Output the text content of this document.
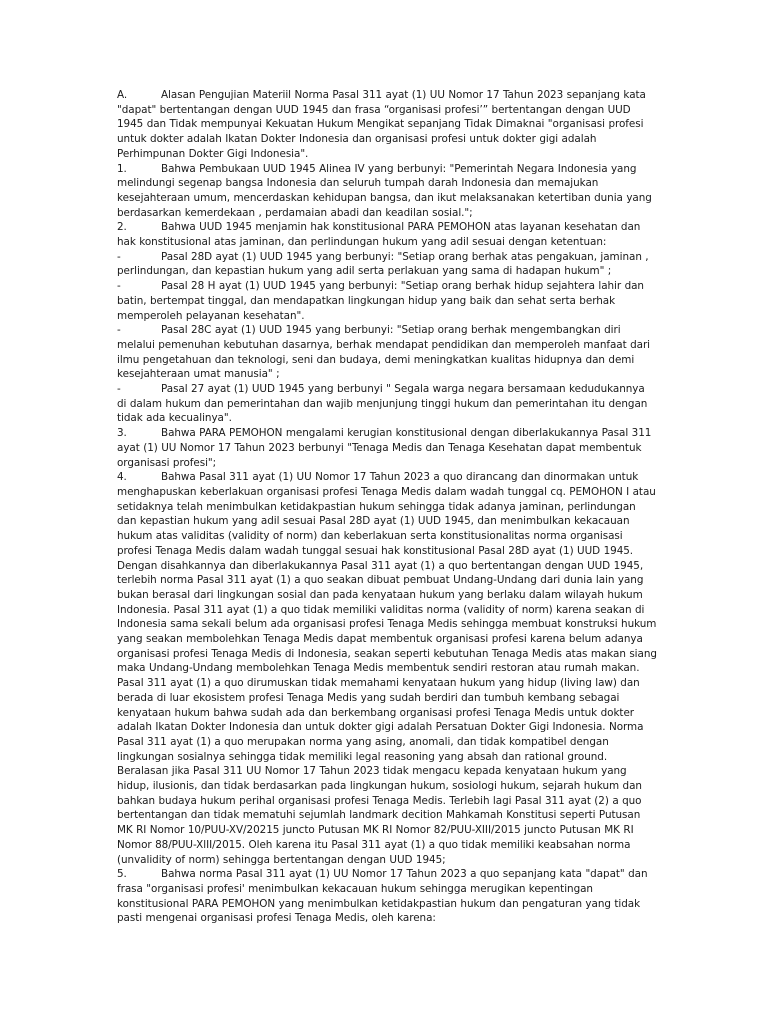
A.	Alasan Pengujian Materiil Norma Pasal 311 ayat (1) UU Nomor 17 Tahun 2023 sepanjang kata "dapat" bertentangan dengan UUD 1945 dan frasa “organisasi profesi’” bertentangan dengan UUD 1945 dan Tidak mempunyai Kekuatan Hukum Mengikat sepanjang Tidak Dimaknai "organisasi profesi untuk dokter adalah Ikatan Dokter Indonesia dan organisasi profesi untuk dokter gigi adalah Perhimpunan Dokter Gigi Indonesia".

1.	Bahwa Pembukaan UUD 1945 Alinea IV yang berbunyi: "Pemerintah Negara Indonesia yang melindungi segenap bangsa Indonesia dan seluruh tumpah darah Indonesia dan memajukan kesejahteraan umum, mencerdaskan kehidupan bangsa, dan ikut melaksanakan ketertiban dunia yang berdasarkan kemerdekaan , perdamaian abadi dan keadilan sosial.";

2.	Bahwa UUD 1945 menjamin hak konstitusional PARA PEMOHON atas layanan kesehatan dan hak konstitusional atas jaminan, dan perlindungan hukum yang adil sesuai dengan ketentuan:

-	Pasal 28D ayat (1) UUD 1945 yang berbunyi: "Setiap orang berhak atas pengakuan, jaminan , perlindungan, dan kepastian hukum yang adil serta perlakuan yang sama di hadapan hukum" ;

-	Pasal 28 H ayat (1) UUD 1945 yang berbunyi: "Setiap orang berhak hidup sejahtera lahir dan batin, bertempat tinggal, dan mendapatkan lingkungan hidup yang baik dan sehat serta berhak memperoleh pelayanan kesehatan".

-	Pasal 28C ayat (1) UUD 1945 yang berbunyi: "Setiap orang berhak mengembangkan diri melalui pemenuhan kebutuhan dasarnya, berhak mendapat pendidikan dan memperoleh manfaat dari ilmu pengetahuan dan teknologi, seni dan budaya, demi meningkatkan kualitas hidupnya dan demi kesejahteraan umat manusia" ;

-	Pasal 27 ayat (1) UUD 1945 yang berbunyi " Segala warga negara bersamaan kedudukannya di dalam hukum dan pemerintahan dan wajib menjunjung tinggi hukum dan pemerintahan itu dengan tidak ada kecualinya".

3.	Bahwa PARA PEMOHON mengalami kerugian konstitusional dengan diberlakukannya Pasal 311 ayat (1) UU Nomor 17 Tahun 2023 berbunyi "Tenaga Medis dan Tenaga Kesehatan dapat membentuk organisasi profesi";

4.	Bahwa Pasal 311 ayat (1) UU Nomor 17 Tahun 2023 a quo dirancang dan dinormakan untuk menghapuskan keberlakuan organisasi profesi Tenaga Medis dalam wadah tunggal cq. PEMOHON I atau setidaknya telah menimbulkan ketidakpastian hukum sehingga tidak adanya jaminan, perlindungan dan kepastian hukum yang adil sesuai Pasal 28D ayat (1) UUD 1945, dan menimbulkan kekacauan hukum atas validitas (validity of norm) dan keberlakuan serta konstitusionalitas norma organisasi profesi Tenaga Medis dalam wadah tunggal sesuai hak konstitusional Pasal 28D ayat (1) UUD 1945. Dengan disahkannya dan diberlakukannya Pasal 311 ayat (1) a quo bertentangan dengan UUD 1945, terlebih norma Pasal 311 ayat (1) a quo seakan dibuat pembuat Undang-Undang dari dunia lain yang bukan berasal dari lingkungan sosial dan pada kenyataan hukum yang berlaku dalam wilayah hukum Indonesia. Pasal 311 ayat (1) a quo tidak memiliki validitas norma (validity of norm) karena seakan di Indonesia sama sekali belum ada organisasi profesi Tenaga Medis sehingga membuat konstruksi hukum yang seakan membolehkan Tenaga Medis dapat membentuk organisasi profesi karena belum adanya organisasi profesi Tenaga Medis di Indonesia, seakan seperti kebutuhan Tenaga Medis atas makan siang maka Undang-Undang membolehkan Tenaga Medis membentuk sendiri restoran atau rumah makan. Pasal 311 ayat (1) a quo dirumuskan tidak memahami kenyataan hukum yang hidup (living law) dan berada di luar ekosistem profesi Tenaga Medis yang sudah berdiri dan tumbuh kembang sebagai kenyataan hukum bahwa sudah ada dan berkembang organisasi profesi Tenaga Medis untuk dokter adalah Ikatan Dokter Indonesia dan untuk dokter gigi adalah Persatuan Dokter Gigi Indonesia. Norma Pasal 311 ayat (1) a quo merupakan norma yang asing, anomali, dan tidak kompatibel dengan lingkungan sosialnya sehingga tidak memiliki legal reasoning yang absah dan rational ground. Beralasan jika Pasal 311 UU Nomor 17 Tahun 2023 tidak mengacu kepada kenyataan hukum yang hidup, ilusionis, dan tidak berdasarkan pada lingkungan hukum, sosiologi hukum, sejarah hukum dan bahkan budaya hukum perihal organisasi profesi Tenaga Medis. Terlebih lagi Pasal 311 ayat (2) a quo bertentangan dan tidak mematuhi sejumlah landmark decition Mahkamah Konstitusi seperti Putusan MK RI Nomor 10/PUU-XV/20215 juncto Putusan MK RI Nomor 82/PUU-XIII/2015 juncto Putusan MK RI Nomor 88/PUU-XlII/2015. Oleh karena itu Pasal 311 ayat (1) a quo tidak memiliki keabsahan norma (unvalidity of norm) sehingga bertentangan dengan UUD 1945;

5.	Bahwa norma Pasal 311 ayat (1) UU Nomor 17 Tahun 2023 a quo sepanjang kata "dapat" dan frasa "organisasi profesi' menimbulkan kekacauan hukum sehingga merugikan kepentingan konstitusional PARA PEMOHON yang menimbulkan ketidakpastian hukum dan pengaturan yang tidak pasti mengenai organisasi profesi Tenaga Medis, oleh karena:
